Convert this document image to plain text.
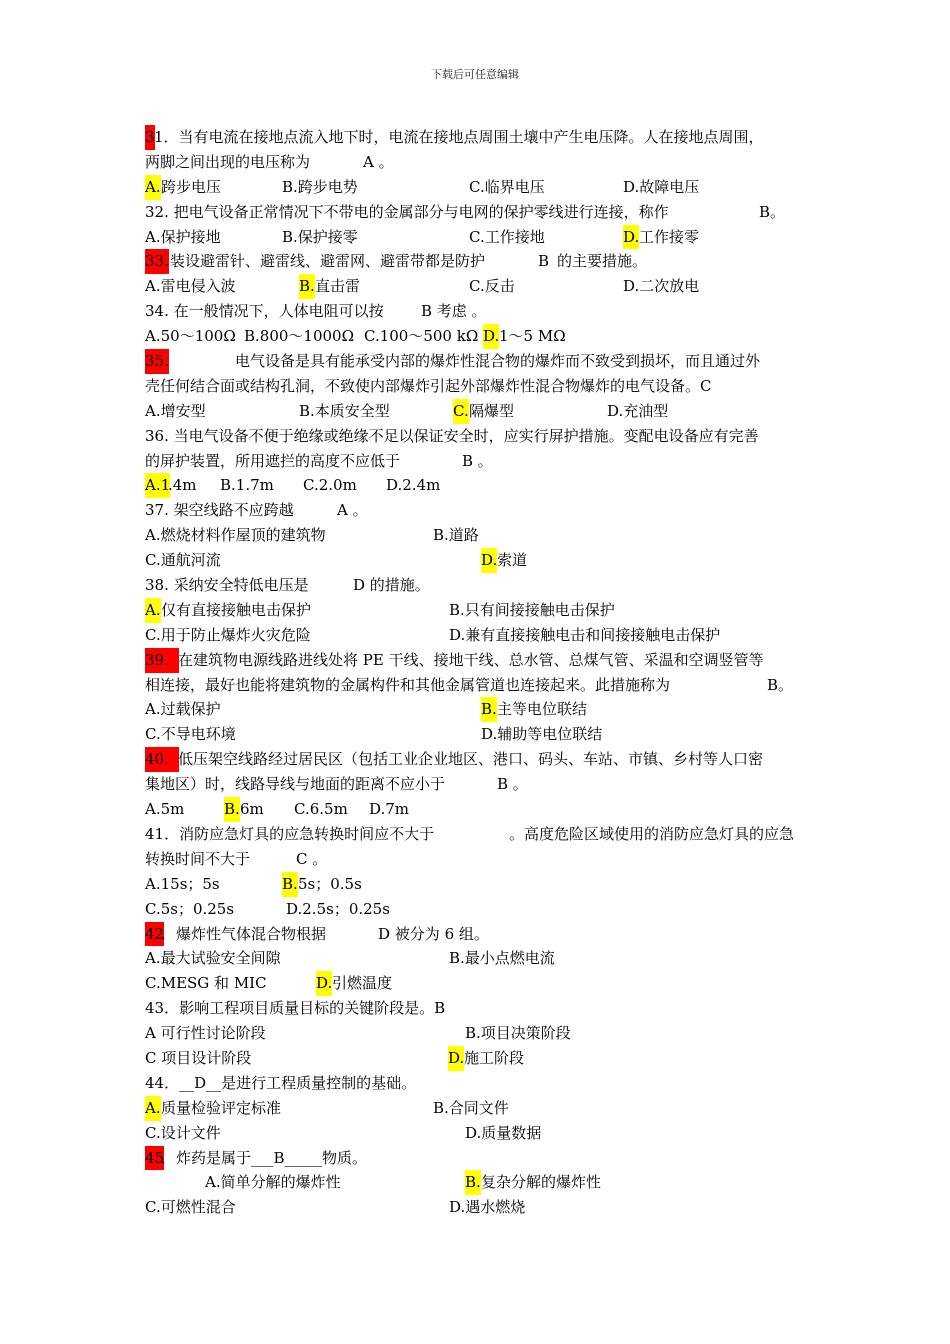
下载后可任意编辑
3 1．当有电流在接地点流入地下时，电流在接地点周围土壤中产生电压降。人在接地点周围，
两脚之间出现的电压称为	A 。
A. 跨步电压	B.跨步电势	C.临界电压	D.故障电压
32. 把电气设备正常情况下不带电的金属部分与电网的保护零线进行连接，称作	B。
A.保护接地	B.保护接零	C.工作接地	D. 工作接零
33. 装设避雷针、避雷线、避雷网、避雷带都是防护	B 的主要措施。
A.雷电侵入波	B. 直击雷	C.反击	D.二次放电
34. 在一般情况下，人体电阻可以按 B 考虑 。
A.50～100Ω B.800～1000Ω C.100～500 kΩ D. 1～5 MΩ
35.	电气设备是具有能承受内部的爆炸性混合物的爆炸而不致受到损坏，而且通过外
壳任何结合面或结构孔洞，不致使内部爆炸引起外部爆炸性混合物爆炸的电气设备。C
A.增安型	B.本质安全型	C. 隔爆型	D.充油型
36. 当电气设备不便于绝缘或绝缘不足以保证安全时，应实行屏护措施。变配电设备应有完善
的屏护装置，所用遮拦的高度不应低于	B 。
A.1
.4m B.1.7m C.2.0m D.2.4m
37. 架空线路不应跨越	A 。
A.燃烧材料作屋顶的建筑物	B.道路
C.通航河流	D. 索道
38. 采纳安全特低电压是	D 的措施。
A. 仅有直接接触电击保护	B.只有间接接触电击保护
C.用于防止爆炸火灾危险	D.兼有直接接触电击和间接接触电击保护
39．
在建筑物电源线路进线处将 PE 干线、接地干线、总水管、总煤气管、采温和空调竖管等
相连接，最好也能将建筑物的金属构件和其他金属管道也连接起来。此措施称为	B。
A.过载保护	B. 主等电位联结
C.不导电环境	D.辅助等电位联结
40．
低压架空线路经过居民区（包括工业企业地区、港口、码头、车站、市镇、乡村等人口密
集地区）时，线路导线与地面的距离不应小于	B 。
A.5m	B. 6m C.6.5m D.7m
41．消防应急灯具的应急转换时间应不大于	。高度危险区域使用的消防应急灯具的应急
转换时间不大于	C 。
A.15s；5s	B. 5s；0.5s
C.5s；0.25s	D.2.5s；0.25s
42
．爆炸性气体混合物根据	D 被分为 6 组。
A.最大试验安全间隙	B.最小点燃电流
C.MESG 和 MIC	D. 引燃温度
43．影响工程项目质量目标的关键阶段是。B
A 可行性讨论阶段	B.项目决策阶段
C 项目设计阶段	D. 施工阶段
44．__D__是进行工程质量控制的基础。
A. 质量检验评定标准	B.合同文件
C.设计文件	D.质量数据
45
．炸药是属于___B_____物质。
A.简单分解的爆炸性	B. 复杂分解的爆炸性
C.可燃性混合	D.遇水燃烧
